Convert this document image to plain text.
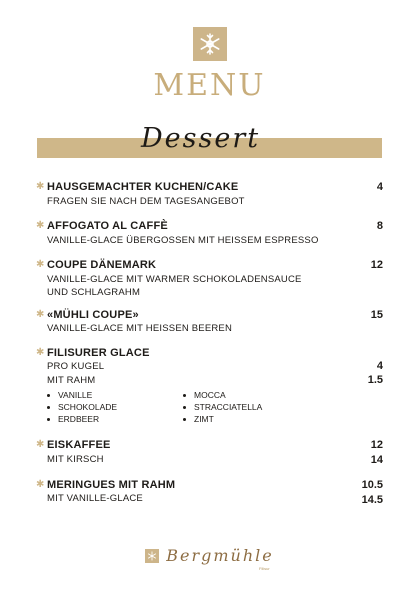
MENU
Dessert
✱ HAUSGEMACHTER KUCHEN/CAKE
FRAGEN SIE NACH DEM TAGESANGEBOT
4
✱ AFFOGATO AL CAFFÈ
VANILLE-GLACE ÜBERGOSSEN MIT HEISSEM ESPRESSO
8
✱ COUPE DÄNEMARK
VANILLE-GLACE MIT WARMER SCHOKOLADENSAUCE
UND SCHLAGRAHM
12
✱ «MÜHLI COUPE»
VANILLE-GLACE MIT HEISSEN BEEREN
15
✱ FILISURER GLACE
PRO KUGEL
MIT RAHM
4
1.5
VANILLE
SCHOKOLADE
ERDBEER
MOCCA
STRACCIATELLA
ZIMT
✱ EISKAFFEE
MIT KIRSCH
12
14
✱ MERINGUES MIT RAHM
MIT VANILLE-GLACE
10.5
14.5
Bergmühle
Filisur
